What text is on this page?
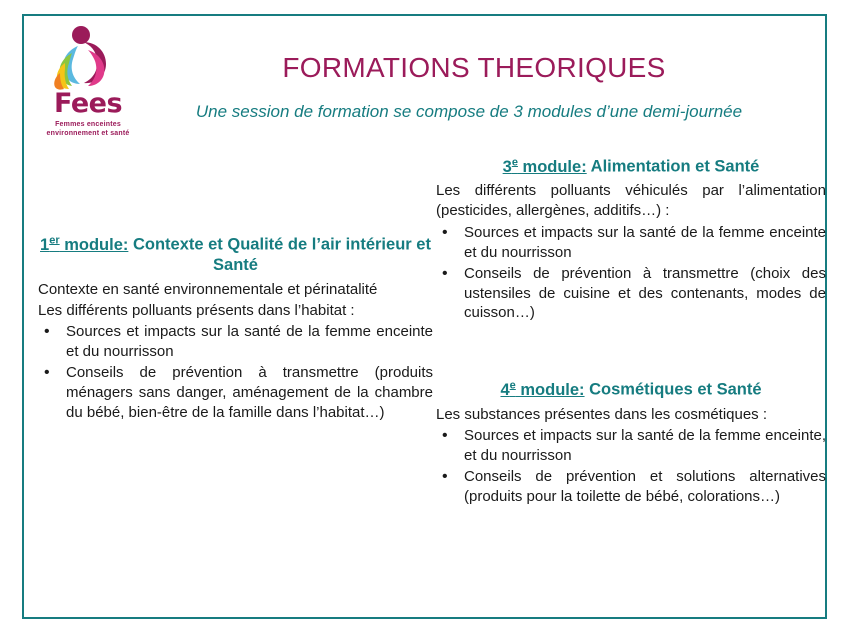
Fees
Femmes enceintes
environnement et santé
FORMATIONS THEORIQUES
Une session de formation se compose de 3 modules d’une demi-journée
1er module: Contexte et Qualité de l’air intérieur et Santé

Contexte en santé environnementale et périnatalité

Les différents polluants présents dans l’habitat :

• Sources et impacts sur la santé de la femme enceinte et du nourrisson
• Conseils de prévention à transmettre (produits ménagers sans danger, aménagement de la chambre du bébé, bien-être de la famille dans l’habitat…)
3e module: Alimentation et Santé

Les différents polluants véhiculés par l’alimentation (pesticides, allergènes, additifs…) :

• Sources et impacts sur la santé de la femme enceinte et du nourrisson
• Conseils de prévention à transmettre (choix des ustensiles de cuisine et des contenants, modes de cuisson…)
4e module: Cosmétiques et Santé

Les substances présentes dans les cosmétiques :

• Sources et impacts sur la santé de la femme enceinte, et du nourrisson
• Conseils de prévention et solutions alternatives (produits pour la toilette de bébé, colorations…)
